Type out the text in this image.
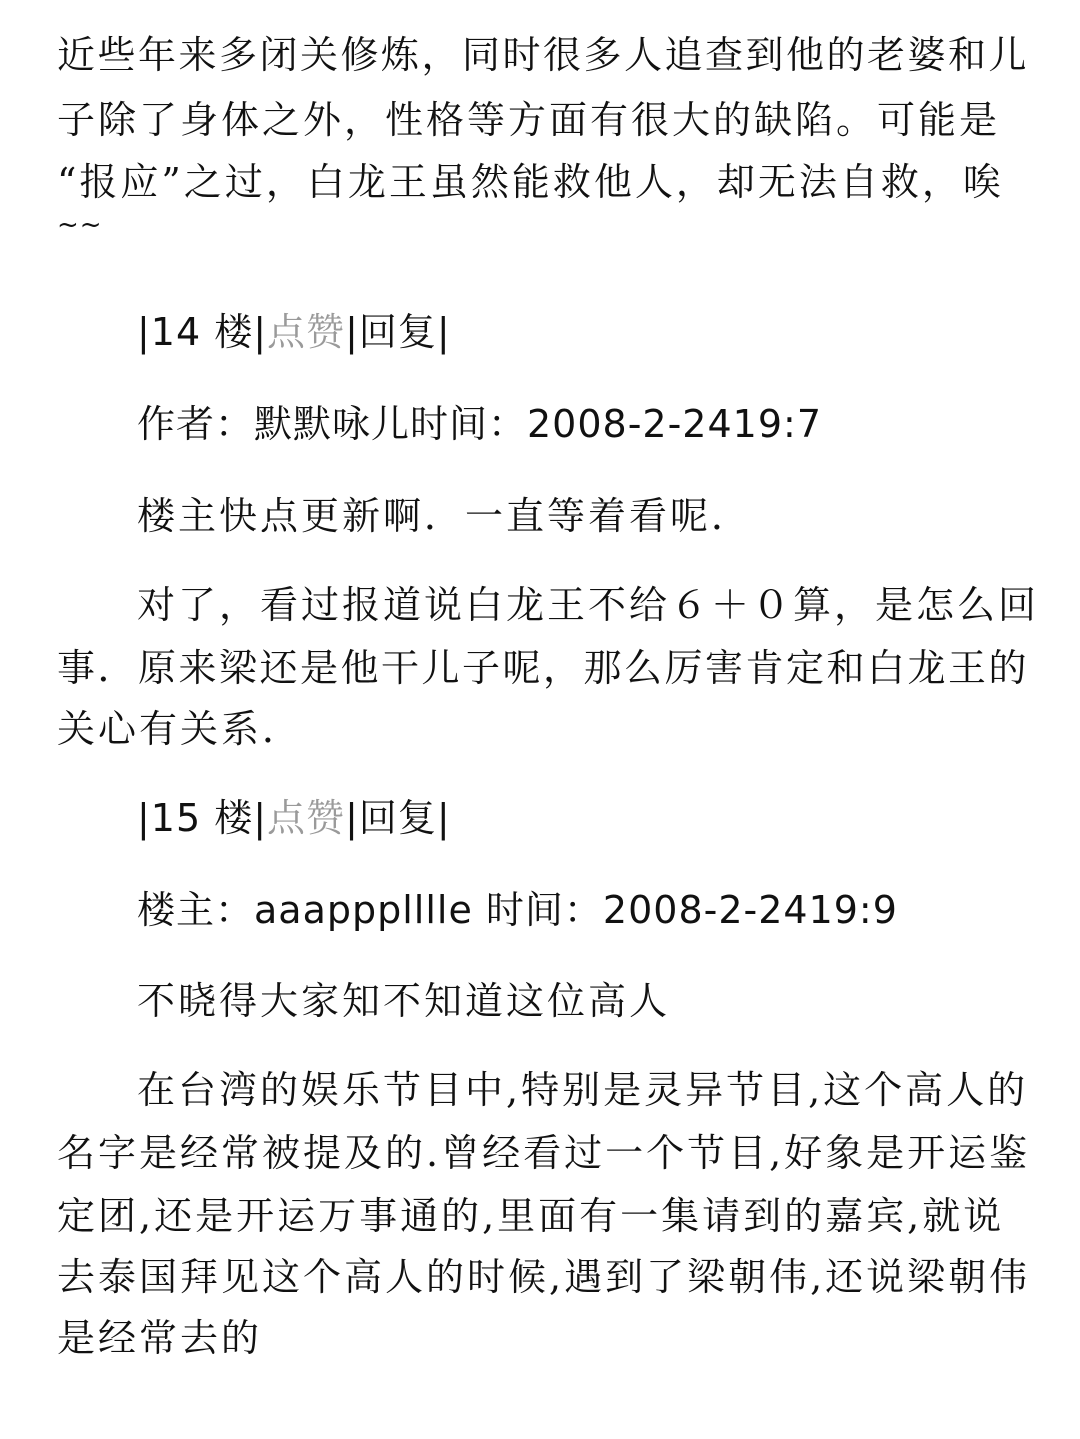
近些年来多闭关修炼，同时很多人追查到他的老婆和儿
子除了身体之外，性格等方面有很大的缺陷。可能是
“报应”之过，白龙王虽然能救他人，却无法自救，唉
~~
|14 楼|点赞|回复|
作者：默默咏儿时间：2008-2-2419:7
楼主快点更新啊．一直等着看呢．
对了，看过报道说白龙王不给６＋０算，是怎么回
事．原来梁还是他干儿子呢，那么厉害肯定和白龙王的
关心有关系．
|15 楼|点赞|回复|
楼主：aaappplllle 时间：2008-2-2419:9
不晓得大家知不知道这位高人
在台湾的娱乐节目中,特别是灵异节目,这个高人的
名字是经常被提及的.曾经看过一个节目,好象是开运鉴
定团,还是开运万事通的,里面有一集请到的嘉宾,就说
去泰国拜见这个高人的时候,遇到了梁朝伟,还说梁朝伟
是经常去的
